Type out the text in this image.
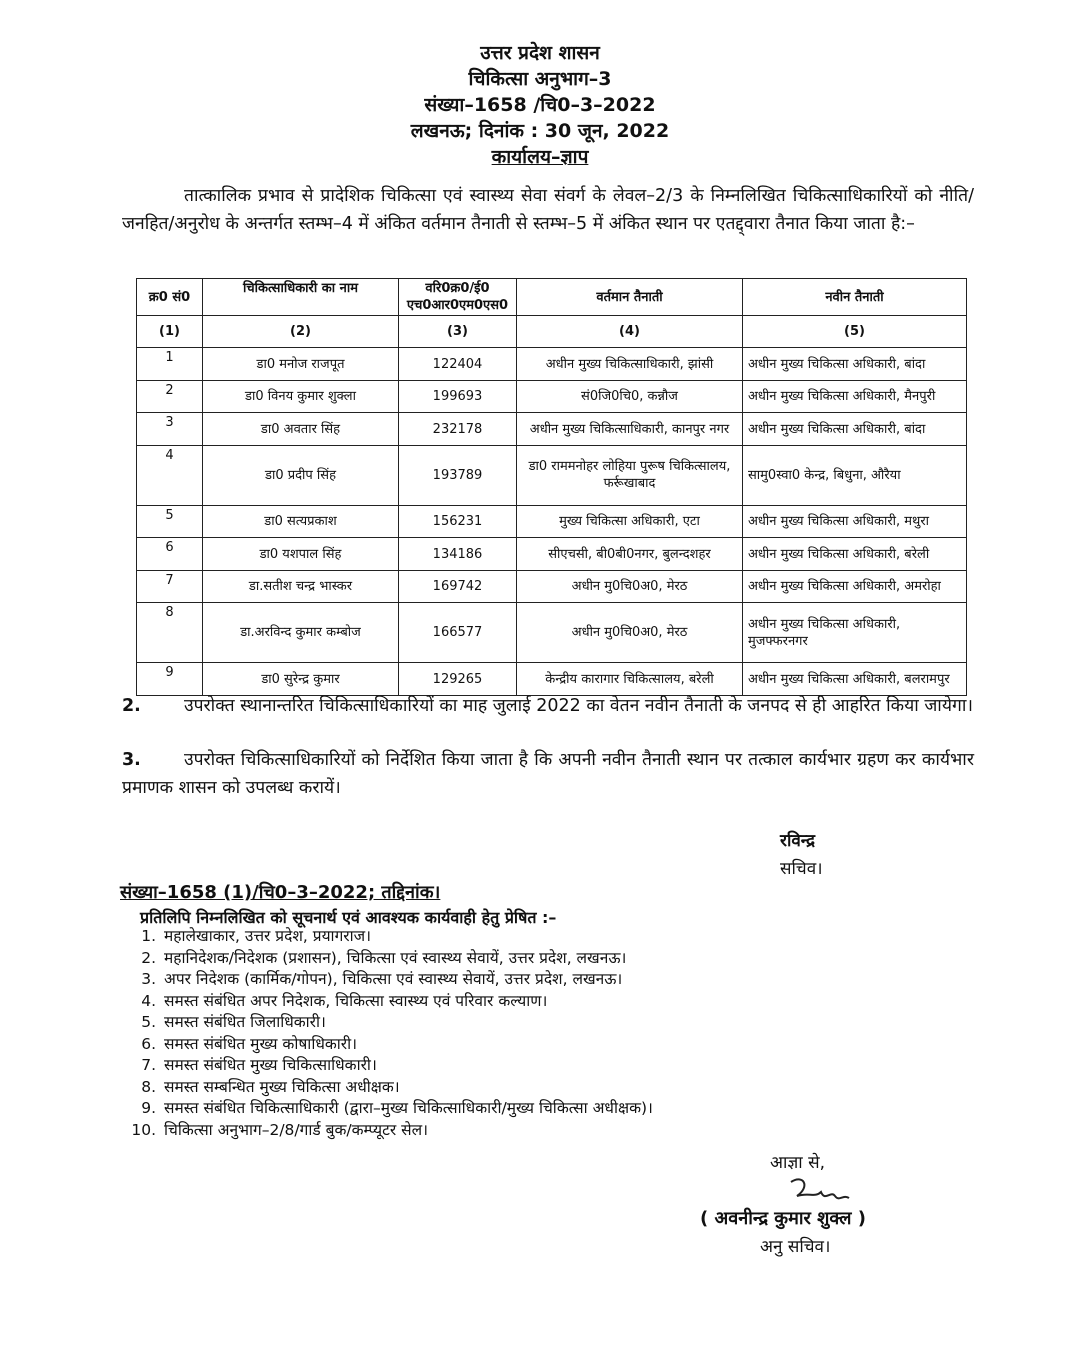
उत्तर प्रदेश शासन
चिकित्सा अनुभाग–3
संख्या–1658 /चि0–3–2022
लखनऊ; दिनांक : 30 जून, 2022
कार्यालय–ज्ञाप
तात्कालिक प्रभाव से प्रादेशिक चिकित्सा एवं स्वास्थ्य सेवा संवर्ग के लेवल–2/3 के निम्नलिखित चिकित्साधिकारियों को नीति/जनहित/अनुरोध के अन्तर्गत स्तम्भ–4 में अंकित वर्तमान तैनाती से स्तम्भ–5 में अंकित स्थान पर एतद्द्वारा तैनात किया जाता है:–
क्र0 सं0	चिकित्साधिकारी का नाम	वरि0क्र0/ई0 एच0आर0एम0एस0	वर्तमान तैनाती	नवीन तैनाती
(1)	(2)	(3)	(4)	(5)
1	डा0 मनोज राजपूत	122404	अधीन मुख्य चिकित्साधिकारी, झांसी	अधीन मुख्य चिकित्सा अधिकारी, बांदा
2	डा0 विनय कुमार शुक्ला	199693	सं0जि0चि0, कन्नौज	अधीन मुख्य चिकित्सा अधिकारी, मैनपुरी
3	डा0 अवतार सिंह	232178	अधीन मुख्य चिकित्साधिकारी, कानपुर नगर	अधीन मुख्य चिकित्सा अधिकारी, बांदा
4	डा0 प्रदीप सिंह	193789	डा0 राममनोहर लोहिया पुरूष चिकित्सालय, फर्रूखाबाद	सामु0स्वा0 केन्द्र, बिधुना, औरैया
5	डा0 सत्यप्रकाश	156231	मुख्य चिकित्सा अधिकारी, एटा	अधीन मुख्य चिकित्सा अधिकारी, मथुरा
6	डा0 यशपाल सिंह	134186	सीएचसी, बी0बी0नगर, बुलन्दशहर	अधीन मुख्य चिकित्सा अधिकारी, बरेली
7	डा.सतीश चन्द्र भास्कर	169742	अधीन मु0चि0अ0, मेरठ	अधीन मुख्य चिकित्सा अधिकारी, अमरोहा
8	डा.अरविन्द कुमार कम्बोज	166577	अधीन मु0चि0अ0, मेरठ	अधीन मुख्य चिकित्सा अधिकारी, मुजफ्फरनगर
9	डा0 सुरेन्द्र कुमार	129265	केन्द्रीय कारागार चिकित्सालय, बरेली	अधीन मुख्य चिकित्सा अधिकारी, बलरामपुर
2. उपरोक्त स्थानान्तरित चिकित्साधिकारियों का माह जुलाई 2022 का वेतन नवीन तैनाती के जनपद से ही आहरित किया जायेगा।
3. उपरोक्त चिकित्साधिकारियों को निर्देशित किया जाता है कि अपनी नवीन तैनाती स्थान पर तत्काल कार्यभार ग्रहण कर कार्यभार प्रमाणक शासन को उपलब्ध करायें।
रविन्द्र
सचिव।
संख्या–1658 (1)/चि0–3–2022; तद्दिनांक।
प्रतिलिपि निम्नलिखित को सूचनार्थ एवं आवश्यक कार्यवाही हेतु प्रेषित :–
1. महालेखाकार, उत्तर प्रदेश, प्रयागराज।
2. महानिदेशक/निदेशक (प्रशासन), चिकित्सा एवं स्वास्थ्य सेवायें, उत्तर प्रदेश, लखनऊ।
3. अपर निदेशक (कार्मिक/गोपन), चिकित्सा एवं स्वास्थ्य सेवायें, उत्तर प्रदेश, लखनऊ।
4. समस्त संबंधित अपर निदेशक, चिकित्सा स्वास्थ्य एवं परिवार कल्याण।
5. समस्त संबंधित जिलाधिकारी।
6. समस्त संबंधित मुख्य कोषाधिकारी।
7. समस्त संबंधित मुख्य चिकित्साधिकारी।
8. समस्त सम्बन्धित मुख्य चिकित्सा अधीक्षक।
9. समस्त संबंधित चिकित्साधिकारी (द्वारा–मुख्य चिकित्साधिकारी/मुख्य चिकित्सा अधीक्षक)।
10. चिकित्सा अनुभाग–2/8/गार्ड बुक/कम्प्यूटर सेल।
आज्ञा से,
( अवनीन्द्र कुमार शुक्ल )
अनु सचिव।
